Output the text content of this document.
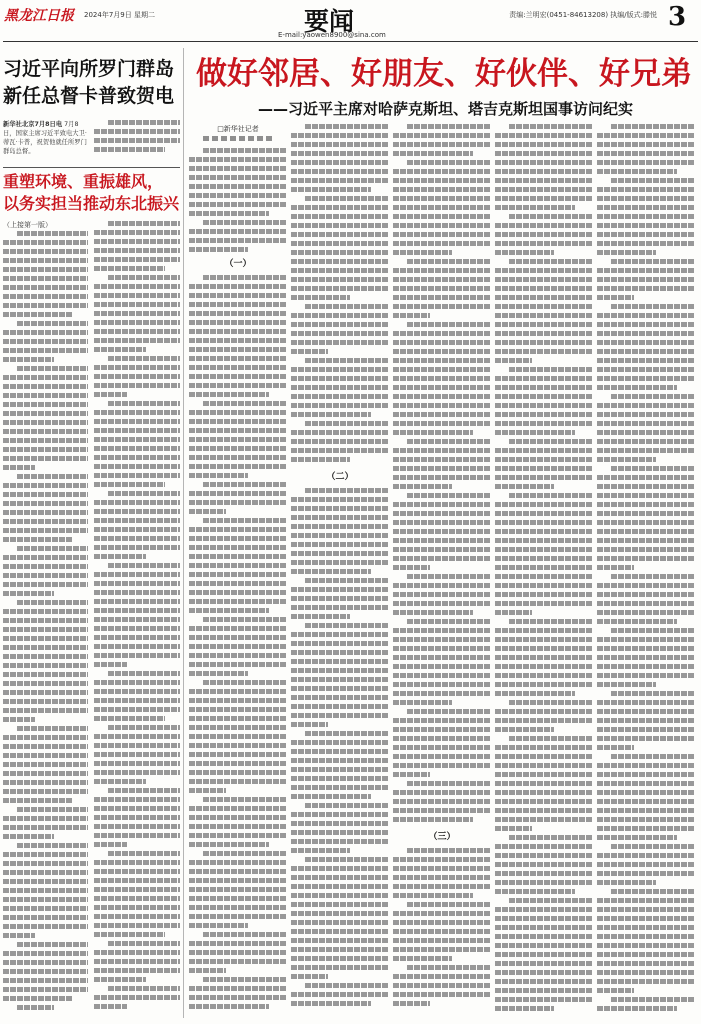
黑龙江日报 2024年7月9日 星期二	要闻
E-mail:yaowen8900@sina.com
责编:兰明宏(0451-84613208) 执编/版式:滕悦 3
习近平向所罗门群岛
新任总督卡普致贺电
新华社北京7月8日电 7月8日，国家主席习近平致电大卫·蒂瓦·卡普，祝贺他就任所罗门群岛总督。
重塑环境、重振雄风，
以务实担当推动东北振兴
（上接第一版）
做好邻居、好朋友、好伙伴、好兄弟
——习近平主席对哈萨克斯坦、塔吉克斯坦国事访问纪实
□新华社记者
（一）
（二）
（三）
